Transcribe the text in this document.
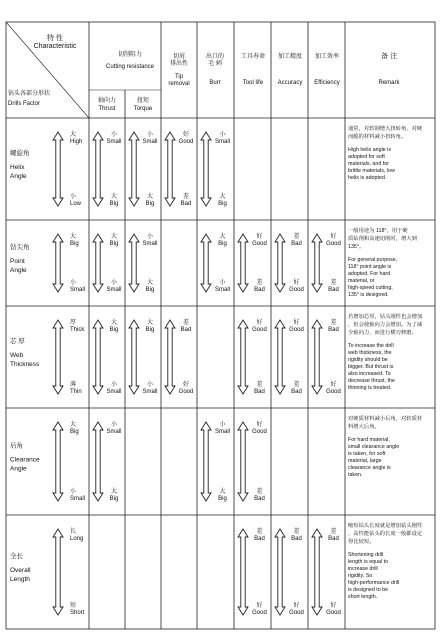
特 性
Characteristic
钻头各部分形状
Drills Factor
切削阻力
Cutting resistance
轴向力
Thrust
扭矩
Torque
切屑
排出性
Tip
removal
出口的
毛 刺
Burr
工具寿命
Tool life
加工精度
Accuracy
加工效率
Efficiency
备 注
Remark
螺旋角
Helix
Angle
大
High
小
Low
小
Small
大
Big
小
Small
大
Big
好
Good
差
Bad
小
Small
大
Big
通常，对软钢增大扭转角，对硬而脆的材料减小扭转角。
High helix angle is adopted for soft materials, and for brittle materials, low helix is adopted.
钻尖角
Point
Angle
大
Big
小
Small
大
Big
小
Small
小
Small
大
Big
大
Big
小
Small
好
Good
差
Bad
差
Bad
好
Good
好
Good
差
Bad
一般用途为 118°，用于硬质钻削和高速切削时，增大到 135°。
For general purpose, 118° point angle is adopted. For hard material, or high-speed cutting, 135° is designed.
芯 厚
Web
Thickness
厚
Thick
薄
Thin
大
Big
小
Small
大
Big
小
Small
差
Bad
好
Good
好
Good
差
Bad
好
Good
差
Bad
差
Bad
好
Good
若增加芯厚，钻头刚性也会增加，但会使轴向力会增加。为了减少轴向力，而进行横刃修磨。
To increase the drill web thickness, the rigidity should be bigger. But thrust is also increased. To decrease thrust, the thinning is treated.
后角
Clearance
Angle
大
Big
小
Small
小
Small
大
Big
小
Small
大
Big
好
Good
差
Bad
对硬质材料减小后角，对软质材料增大后角。
For hard material, small clearance angle is taken, for soft material, large clearance angle is taken.
全长
Overall
Length
长
Long
短
Short
差
Bad
好
Good
差
Bad
好
Good
差
Bad
好
Good
缩短钻头长度就是增加钻头刚性，高性能钻头的长度一般都设定得比较短。
Shortening drill length is equal to increase drill rigidity. So high-performance drill is designed to be short length.
